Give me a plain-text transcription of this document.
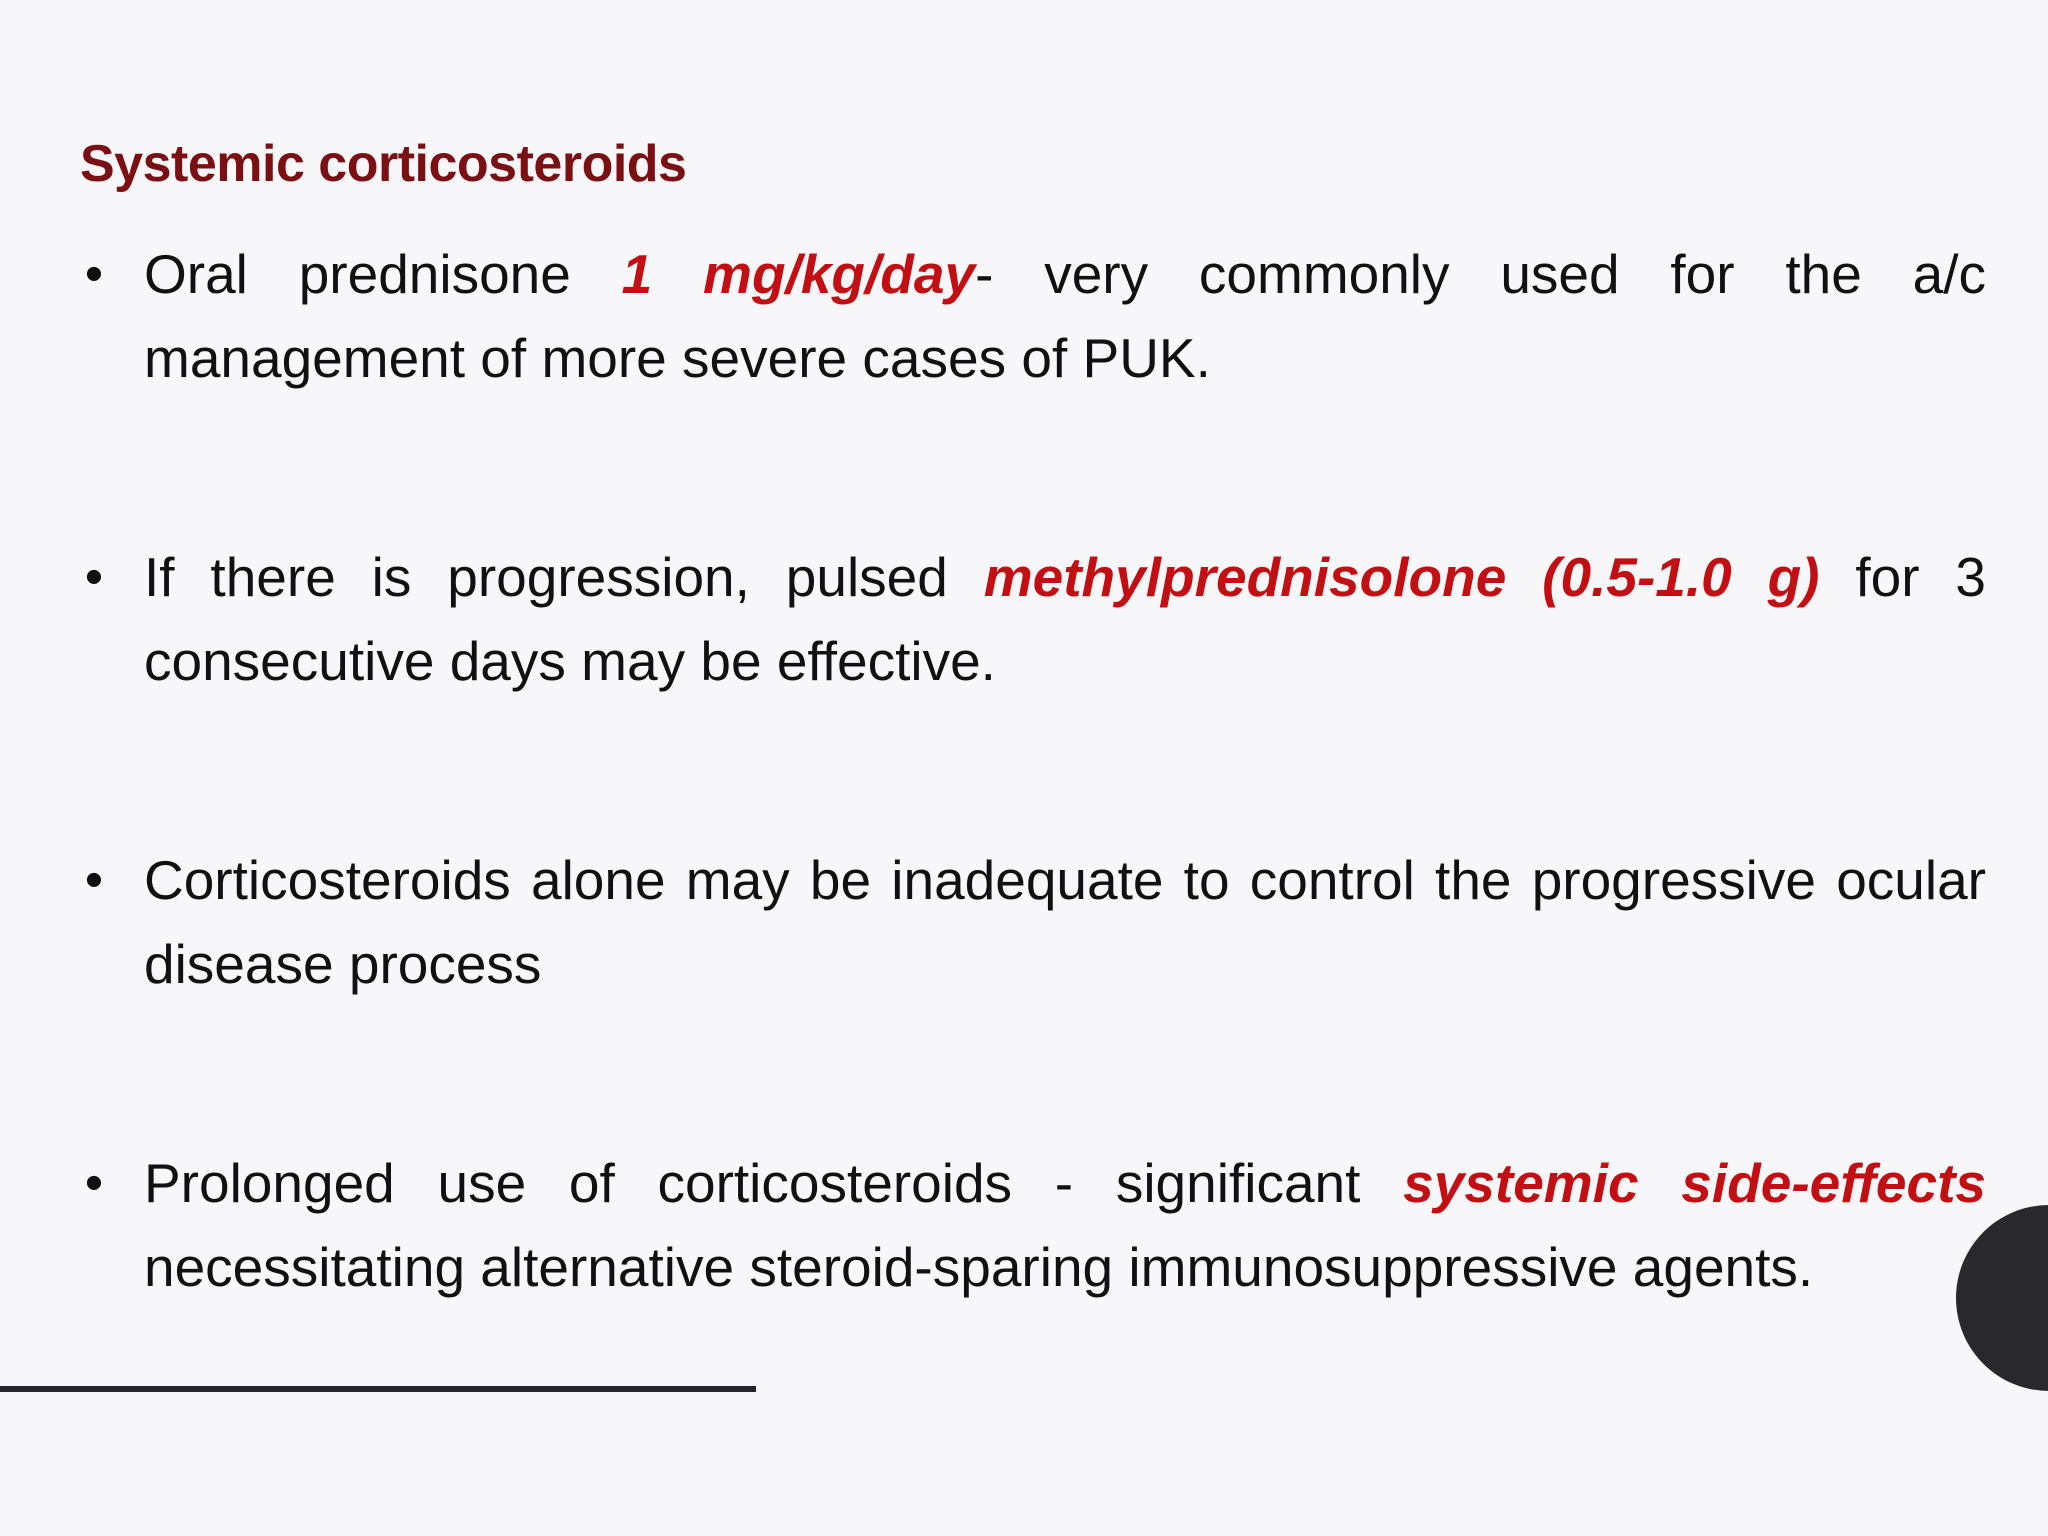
Systemic corticosteroids
• Oral prednisone 1 mg/kg/day- very commonly used for the a/c management of more severe cases of PUK.
• If there is progression, pulsed methylprednisolone (0.5-1.0 g) for 3 consecutive days may be effective.
• Corticosteroids alone may be inadequate to control the progressive ocular disease process
• Prolonged use of corticosteroids - significant systemic side-effects necessitating alternative steroid-sparing immunosuppressive agents.
